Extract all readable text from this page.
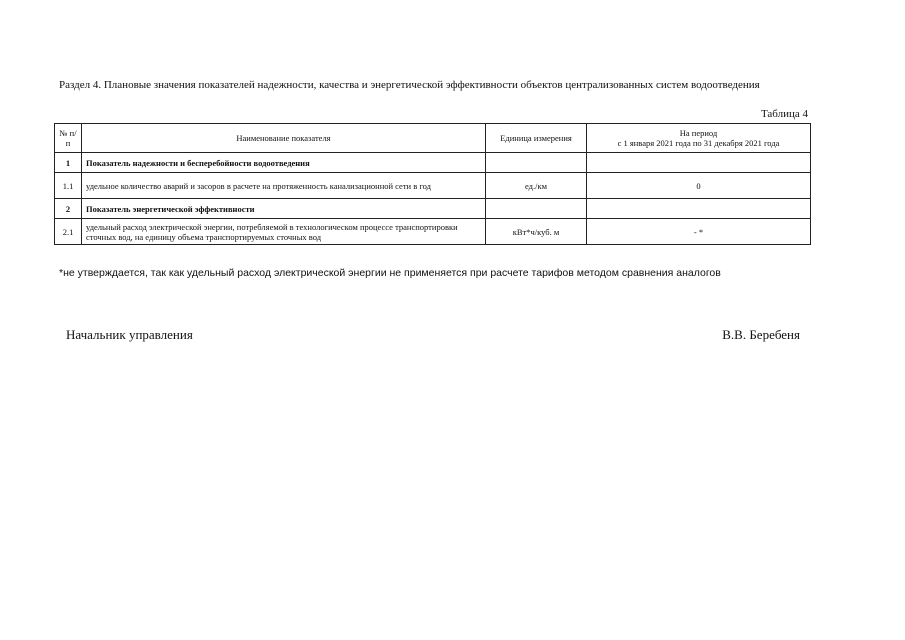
Раздел 4. Плановые значения показателей надежности, качества и энергетической эффективности объектов централизованных систем водоотведения
Таблица 4
№ п/п	Наименование показателя	Единица измерения	На период
с 1 января 2021 года по 31 декабря 2021 года

1	Показатель надежности и бесперебойности водоотведения		
1.1	удельное количество аварий и засоров в расчете на протяженность канализационной сети в год	ед./км	0
2	Показатель энергетической эффективности		
2.1	удельный расход электрической энергии, потребляемой в технологическом процессе транспортировки сточных вод, на единицу объема транспортируемых сточных вод	кВт*ч/куб. м	- *
*не утверждается, так как удельный расход электрической энергии не применяется при расчете тарифов методом сравнения аналогов
Начальник управления	В.В. Беребеня
